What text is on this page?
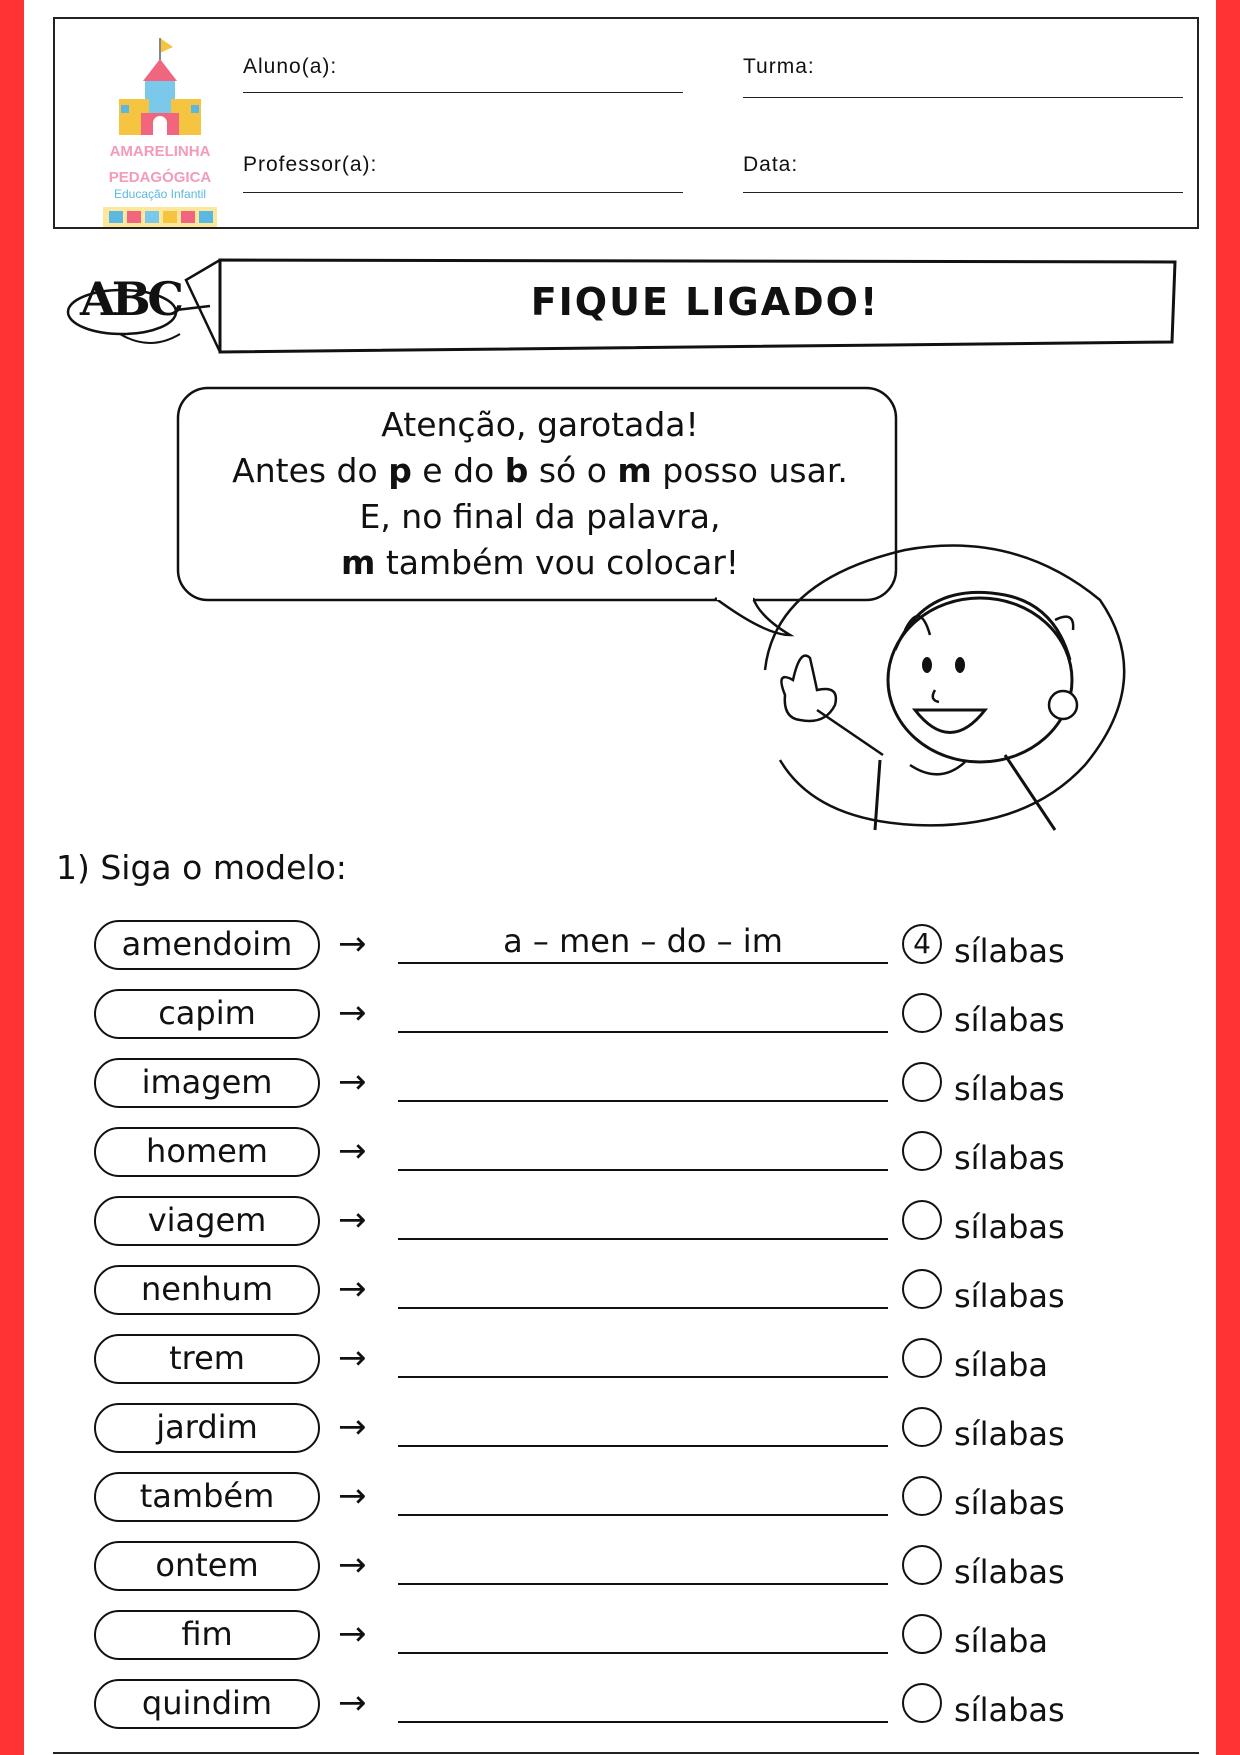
AMARELINHA
PEDAGÓGICA
Educação Infantil
Aluno(a):	Turma:
Professor(a):	Data:
ABC	FIQUE LIGADO!
Atenção, garotada!
Antes do p e do b só o m posso usar.
E, no final da palavra,
m também vou colocar!
1) Siga o modelo:
amendoim	→	a – men – do – im	4 sílabas
capim	→	sílabas
imagem	→	sílabas
homem	→	sílabas
viagem	→	sílabas
nenhum	→	sílabas
trem	→	sílaba
jardim	→	sílabas
também	→	sílabas
ontem	→	sílabas
fim	→	sílaba
quindim	→	sílabas
